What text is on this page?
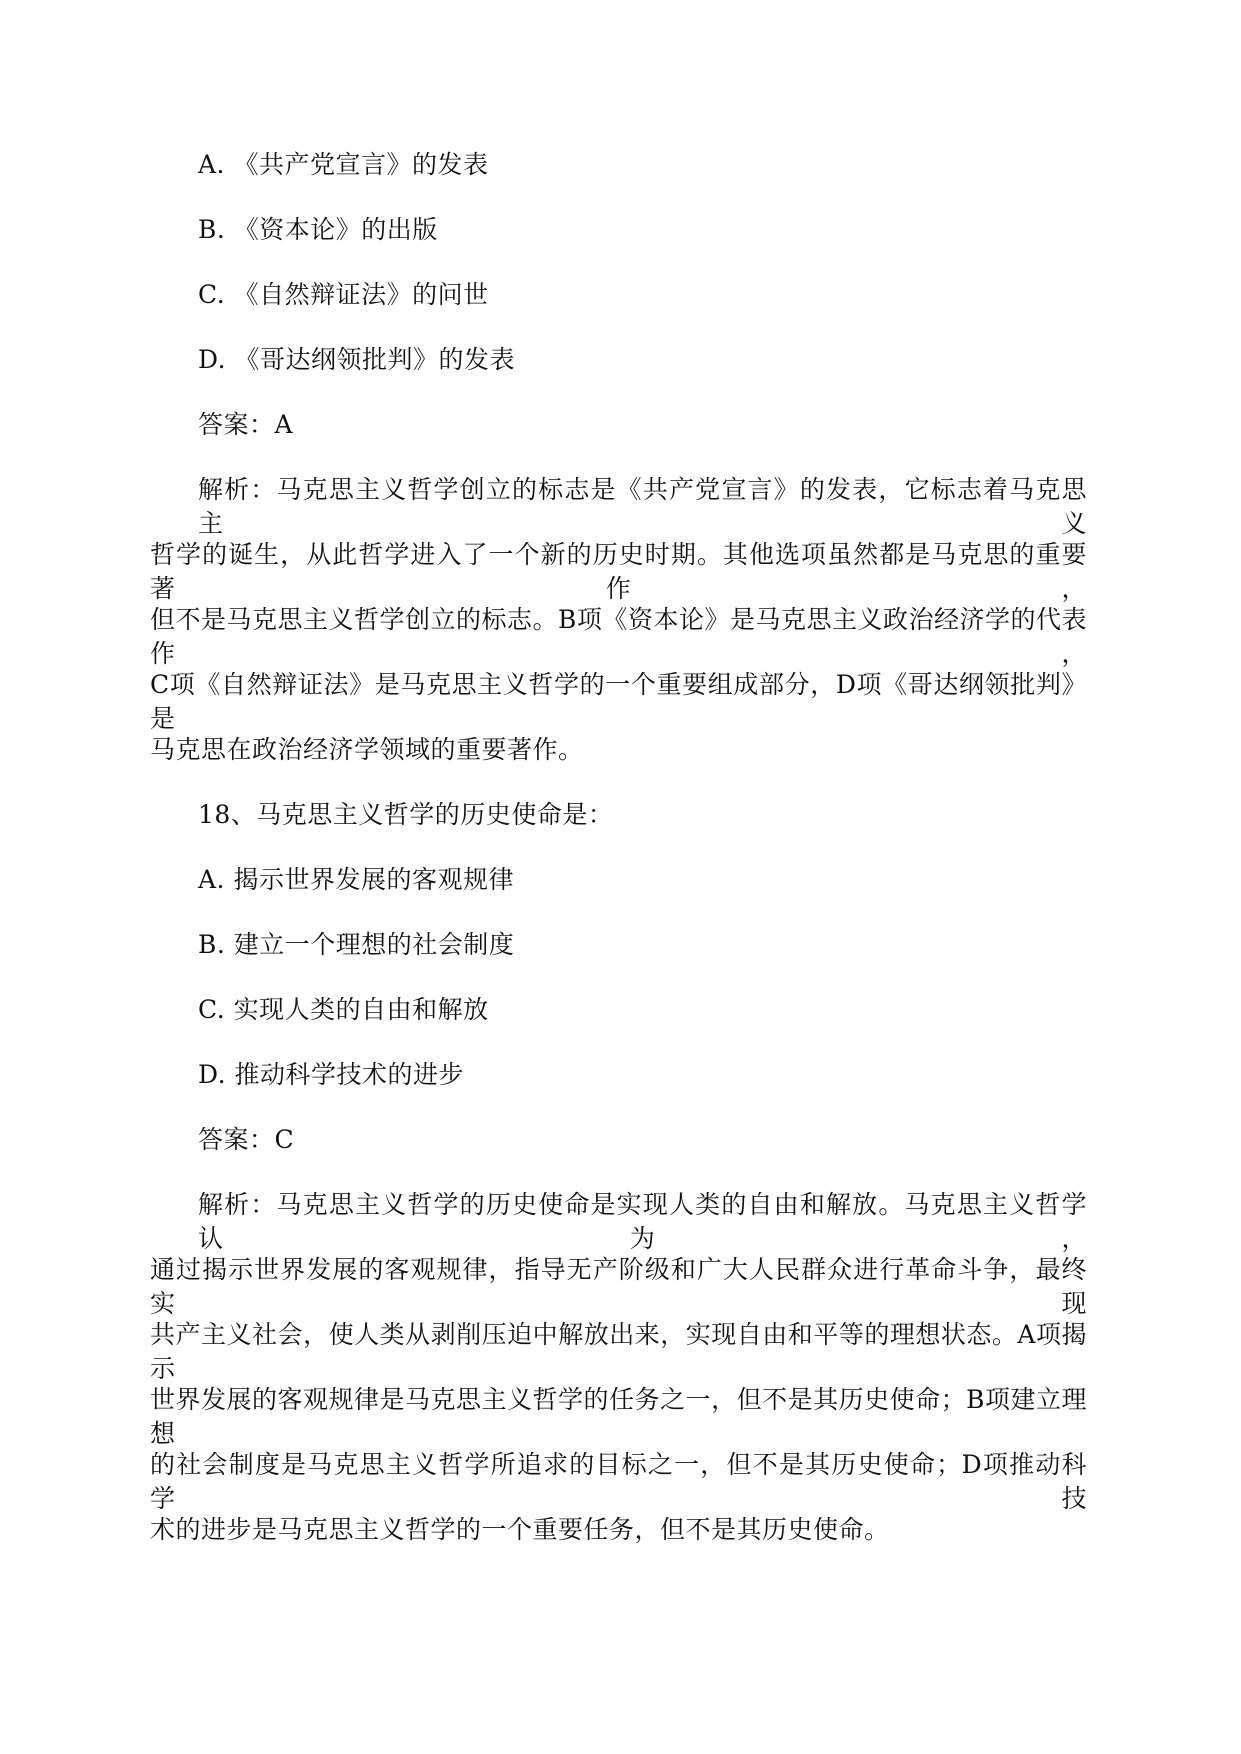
A. 《共产党宣言》的发表
B. 《资本论》的出版
C. 《自然辩证法》的问世
D. 《哥达纲领批判》的发表
答案：A
解析：马克思主义哲学创立的标志是《共产党宣言》的发表，它标志着马克思主义
哲学的诞生，从此哲学进入了一个新的历史时期。其他选项虽然都是马克思的重要著作，
但不是马克思主义哲学创立的标志。B项《资本论》是马克思主义政治经济学的代表作，
C项《自然辩证法》是马克思主义哲学的一个重要组成部分，D项《哥达纲领批判》是
马克思在政治经济学领域的重要著作。
18、马克思主义哲学的历史使命是：
A. 揭示世界发展的客观规律
B. 建立一个理想的社会制度
C. 实现人类的自由和解放
D. 推动科学技术的进步
答案：C
解析：马克思主义哲学的历史使命是实现人类的自由和解放。马克思主义哲学认为，
通过揭示世界发展的客观规律，指导无产阶级和广大人民群众进行革命斗争，最终实现
共产主义社会，使人类从剥削压迫中解放出来，实现自由和平等的理想状态。A项揭示
世界发展的客观规律是马克思主义哲学的任务之一，但不是其历史使命；B项建立理想
的社会制度是马克思主义哲学所追求的目标之一，但不是其历史使命；D项推动科学技
术的进步是马克思主义哲学的一个重要任务，但不是其历史使命。
